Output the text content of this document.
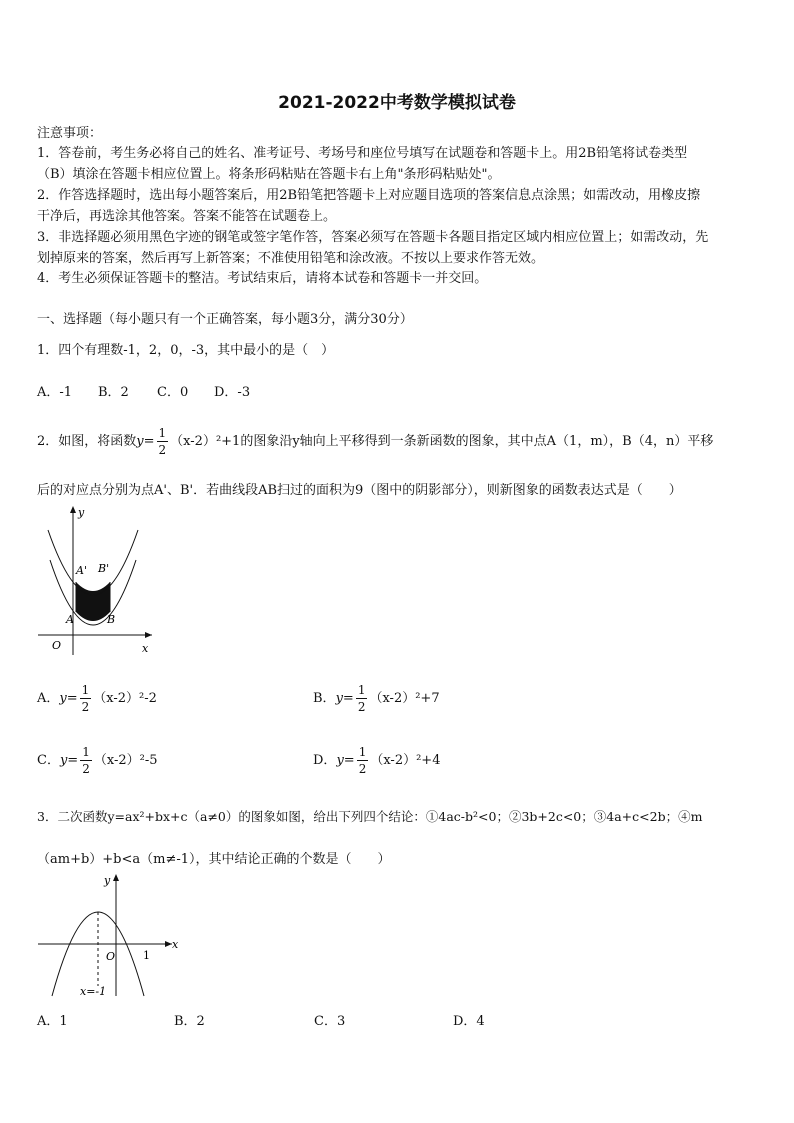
2021-2022中考数学模拟试卷
注意事项：
1．答卷前，考生务必将自己的姓名、准考证号、考场号和座位号填写在试题卷和答题卡上。用2B铅笔将试卷类型
（B）填涂在答题卡相应位置上。将条形码粘贴在答题卡右上角"条形码粘贴处"。
2．作答选择题时，选出每小题答案后，用2B铅笔把答题卡上对应题目选项的答案信息点涂黑；如需改动，用橡皮擦
干净后，再选涂其他答案。答案不能答在试题卷上。
3．非选择题必须用黑色字迹的钢笔或签字笔作答，答案必须写在答题卡各题目指定区域内相应位置上；如需改动，先
划掉原来的答案，然后再写上新答案；不准使用铅笔和涂改液。不按以上要求作答无效。
4．考生必须保证答题卡的整洁。考试结束后，请将本试卷和答题卡一并交回。
一、选择题（每小题只有一个正确答案，每小题3分，满分30分）
1．四个有理数-1，2，0，-3，其中最小的是（　）
A．-1 B．2 C．0 D．-3
2．如图，将函数$y= \frac{1}{2} (x-2)^2+1$的图象沿y轴向上平移得到一条新函数的图象，其中点A（1，m），B（4，n）平移
后的对应点分别为点A'、B'．若曲线段AB扫过的面积为9（图中的阴影部分），则新图象的函数表达式是（　　）
y
x
O
A	B
A' B'
A．$y= \frac{1}{2} (x-2)^2-2$	B．$y= \frac{1}{2} (x-2)^2+7$
C．$y= \frac{1}{2} (x-2)^2-5$	D．$y= \frac{1}{2} (x-2)^2+4$
3．二次函数y=ax²+bx+c（a≠0）的图象如图，给出下列四个结论：①4ac-b²<0；②3b+2c<0；③4a+c<2b；④m
（am+b）+b<a（m≠-1），其中结论正确的个数是（　　）
y
x
O	1
x=-1
A．1	B．2	C．3	D．4
